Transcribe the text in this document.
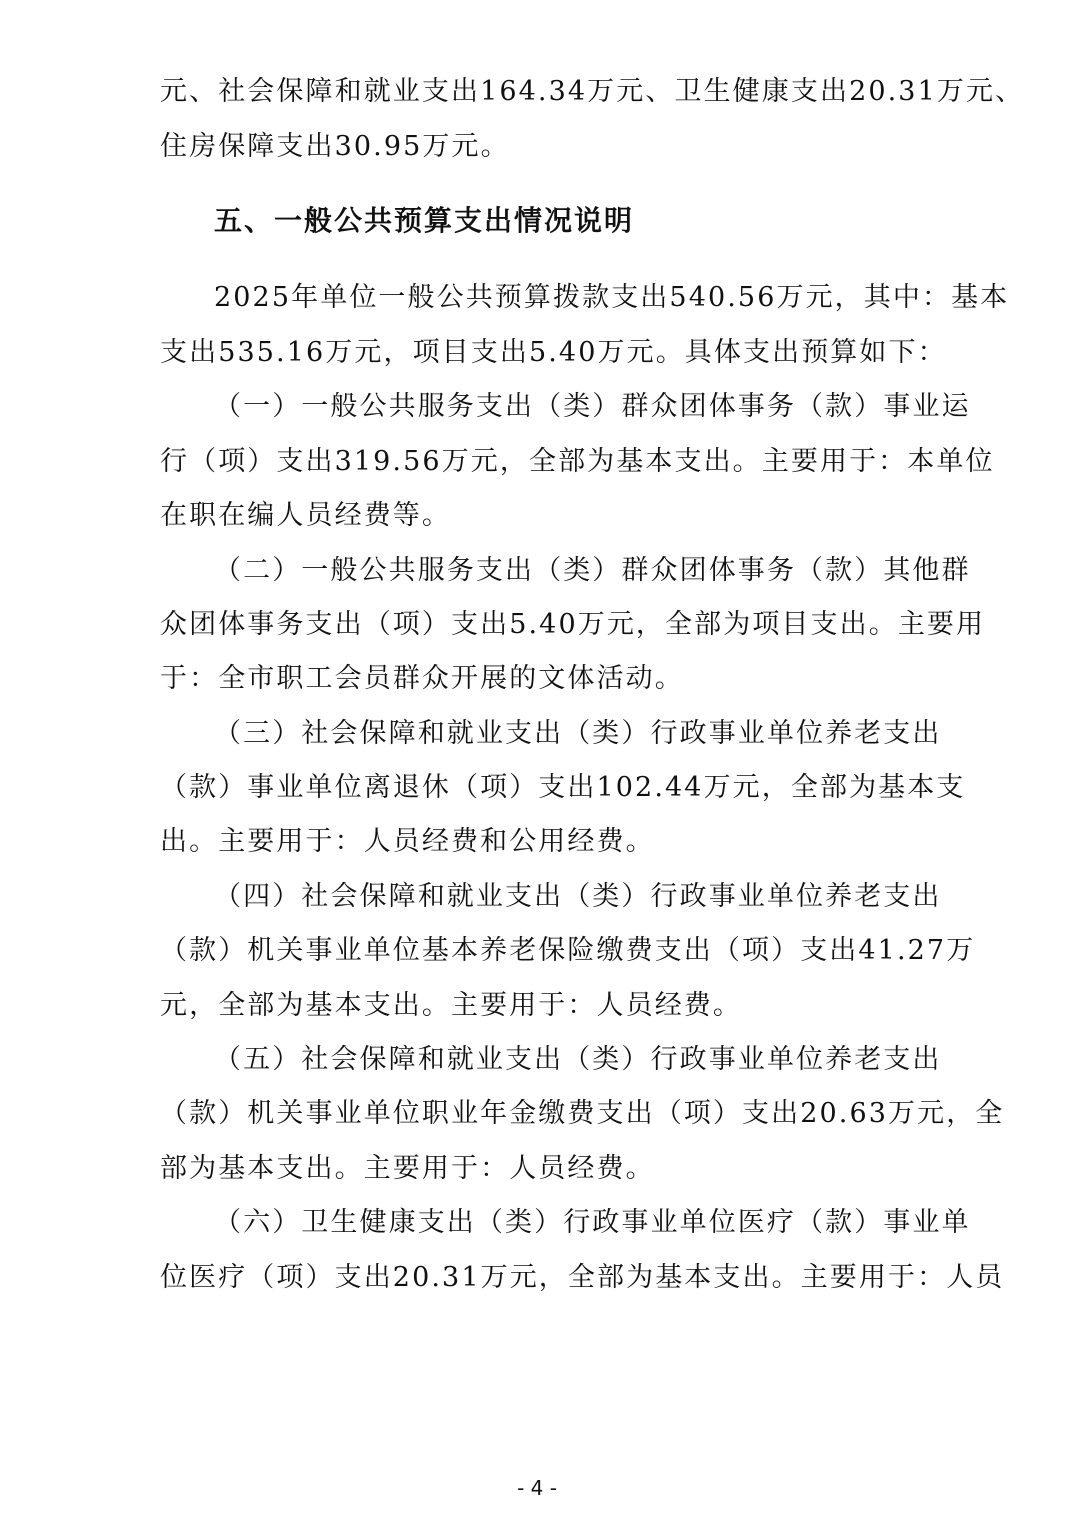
元、社会保障和就业支出164.34万元、卫生健康支出20.31万元、
住房保障支出30.95万元。
五、一般公共预算支出情况说明
2025年单位一般公共预算拨款支出540.56万元，其中：基本
支出535.16万元，项目支出5.40万元。具体支出预算如下：
（一）一般公共服务支出（类）群众团体事务（款）事业运
行（项）支出319.56万元，全部为基本支出。主要用于：本单位
在职在编人员经费等。
（二）一般公共服务支出（类）群众团体事务（款）其他群
众团体事务支出（项）支出5.40万元，全部为项目支出。主要用
于：全市职工会员群众开展的文体活动。
（三）社会保障和就业支出（类）行政事业单位养老支出
（款）事业单位离退休（项）支出102.44万元，全部为基本支
出。主要用于：人员经费和公用经费。
（四）社会保障和就业支出（类）行政事业单位养老支出
（款）机关事业单位基本养老保险缴费支出（项）支出41.27万
元，全部为基本支出。主要用于：人员经费。
（五）社会保障和就业支出（类）行政事业单位养老支出
（款）机关事业单位职业年金缴费支出（项）支出20.63万元，全
部为基本支出。主要用于：人员经费。
（六）卫生健康支出（类）行政事业单位医疗（款）事业单
位医疗（项）支出20.31万元，全部为基本支出。主要用于：人员
- 4 -
